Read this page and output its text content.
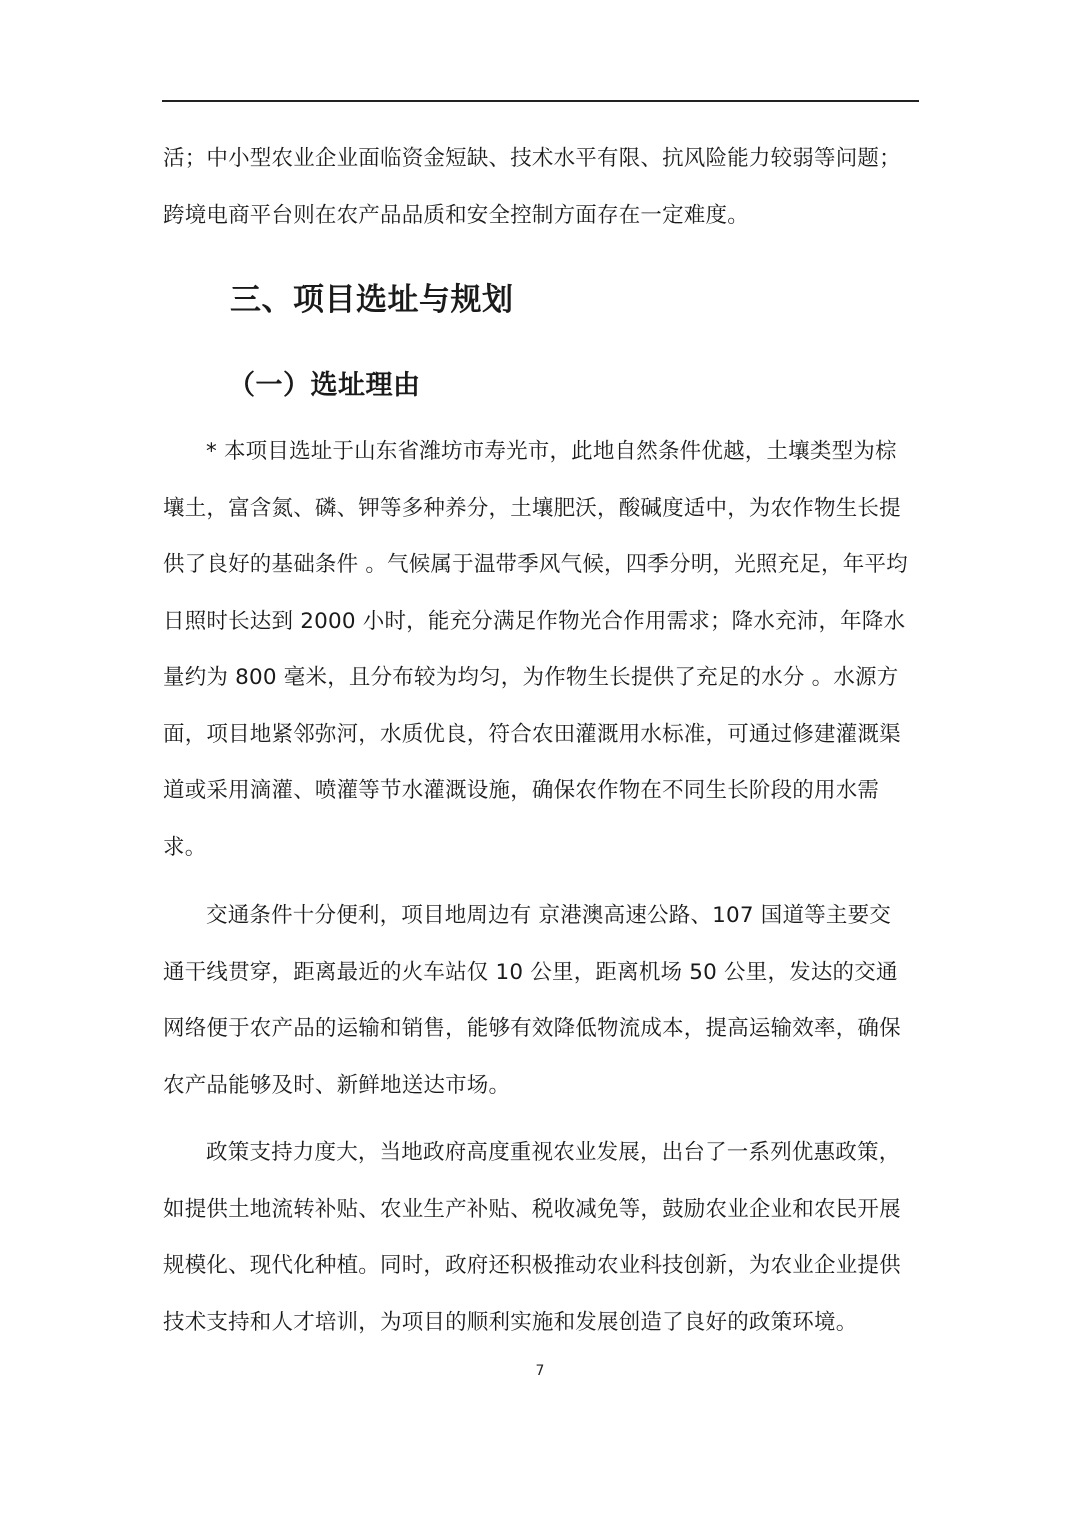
活；中小型农业企业面临资金短缺、技术水平有限、抗风险能力较弱等问题；
跨境电商平台则在农产品品质和安全控制方面存在一定难度。
三、项目选址与规划
（一）选址理由
* 本项目选址于山东省潍坊市寿光市，此地自然条件优越，土壤类型为棕
壤土，富含氮、磷、钾等多种养分，土壤肥沃，酸碱度适中，为农作物生长提
供了良好的基础条件 。气候属于温带季风气候，四季分明，光照充足，年平均
日照时长达到 2000 小时，能充分满足作物光合作用需求；降水充沛，年降水
量约为 800 毫米，且分布较为均匀，为作物生长提供了充足的水分 。水源方
面，项目地紧邻弥河，水质优良，符合农田灌溉用水标准，可通过修建灌溉渠
道或采用滴灌、喷灌等节水灌溉设施，确保农作物在不同生长阶段的用水需
求。
交通条件十分便利，项目地周边有 京港澳高速公路、107 国道等主要交
通干线贯穿，距离最近的火车站仅 10 公里，距离机场 50 公里，发达的交通
网络便于农产品的运输和销售，能够有效降低物流成本，提高运输效率，确保
农产品能够及时、新鲜地送达市场。
政策支持力度大，当地政府高度重视农业发展，出台了一系列优惠政策，
如提供土地流转补贴、农业生产补贴、税收减免等，鼓励农业企业和农民开展
规模化、现代化种植。同时，政府还积极推动农业科技创新，为农业企业提供
技术支持和人才培训，为项目的顺利实施和发展创造了良好的政策环境。
7
